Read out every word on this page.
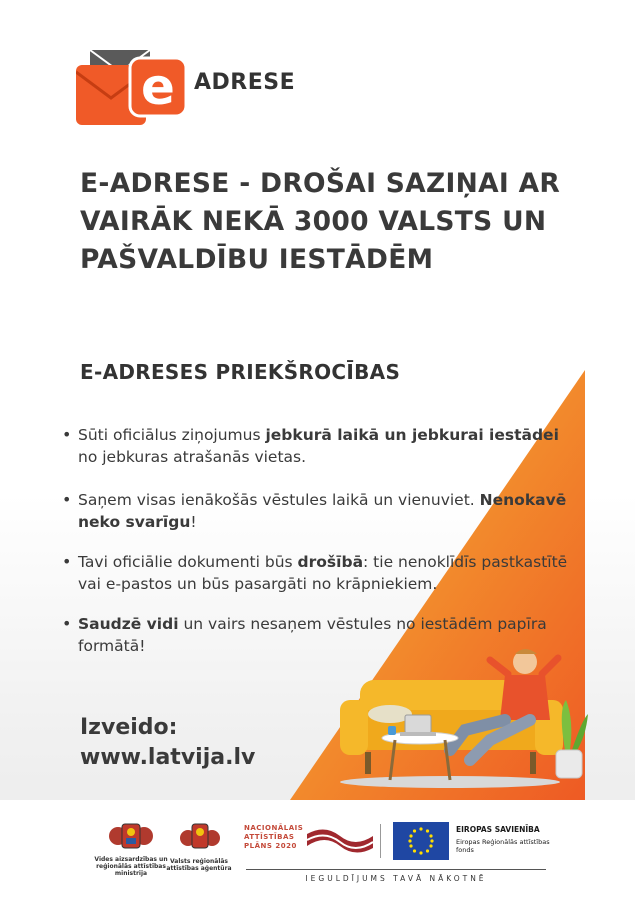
e ADRESE
E-ADRESE - DROŠAI SAZIŅAI AR VAIRĀK NEKĀ 3000 VALSTS UN PAŠVALDĪBU IESTĀDĒM
E-ADRESES PRIEKŠROCĪBAS
• Sūti oficiālus ziņojumus jebkurā laikā un jebkurai iestādei no jebkuras atrašanās vietas.
• Saņem visas ienākošās vēstules laikā un vienuviet. Nenokavē neko svarīgu!
• Tavi oficiālie dokumenti būs drošībā: tie nenoklīdīs pastkastītē vai e-pastos un būs pasargāti no krāpniekiem.
• Saudzē vidi un vairs nesaņem vēstules no iestādēm papīra formātā!
Izveido:
www.latvija.lv
Vides aizsardzības un reģionālās attīstības ministrija
Valsts reģionālās attīstības aģentūra
NACIONĀLAIS ATTĪSTĪBAS PLĀNS 2020
EIROPAS SAVIENĪBA
Eiropas Reģionālās attīstības fonds
IEGULDĪJUMS TAVĀ NĀKOTNĒ
